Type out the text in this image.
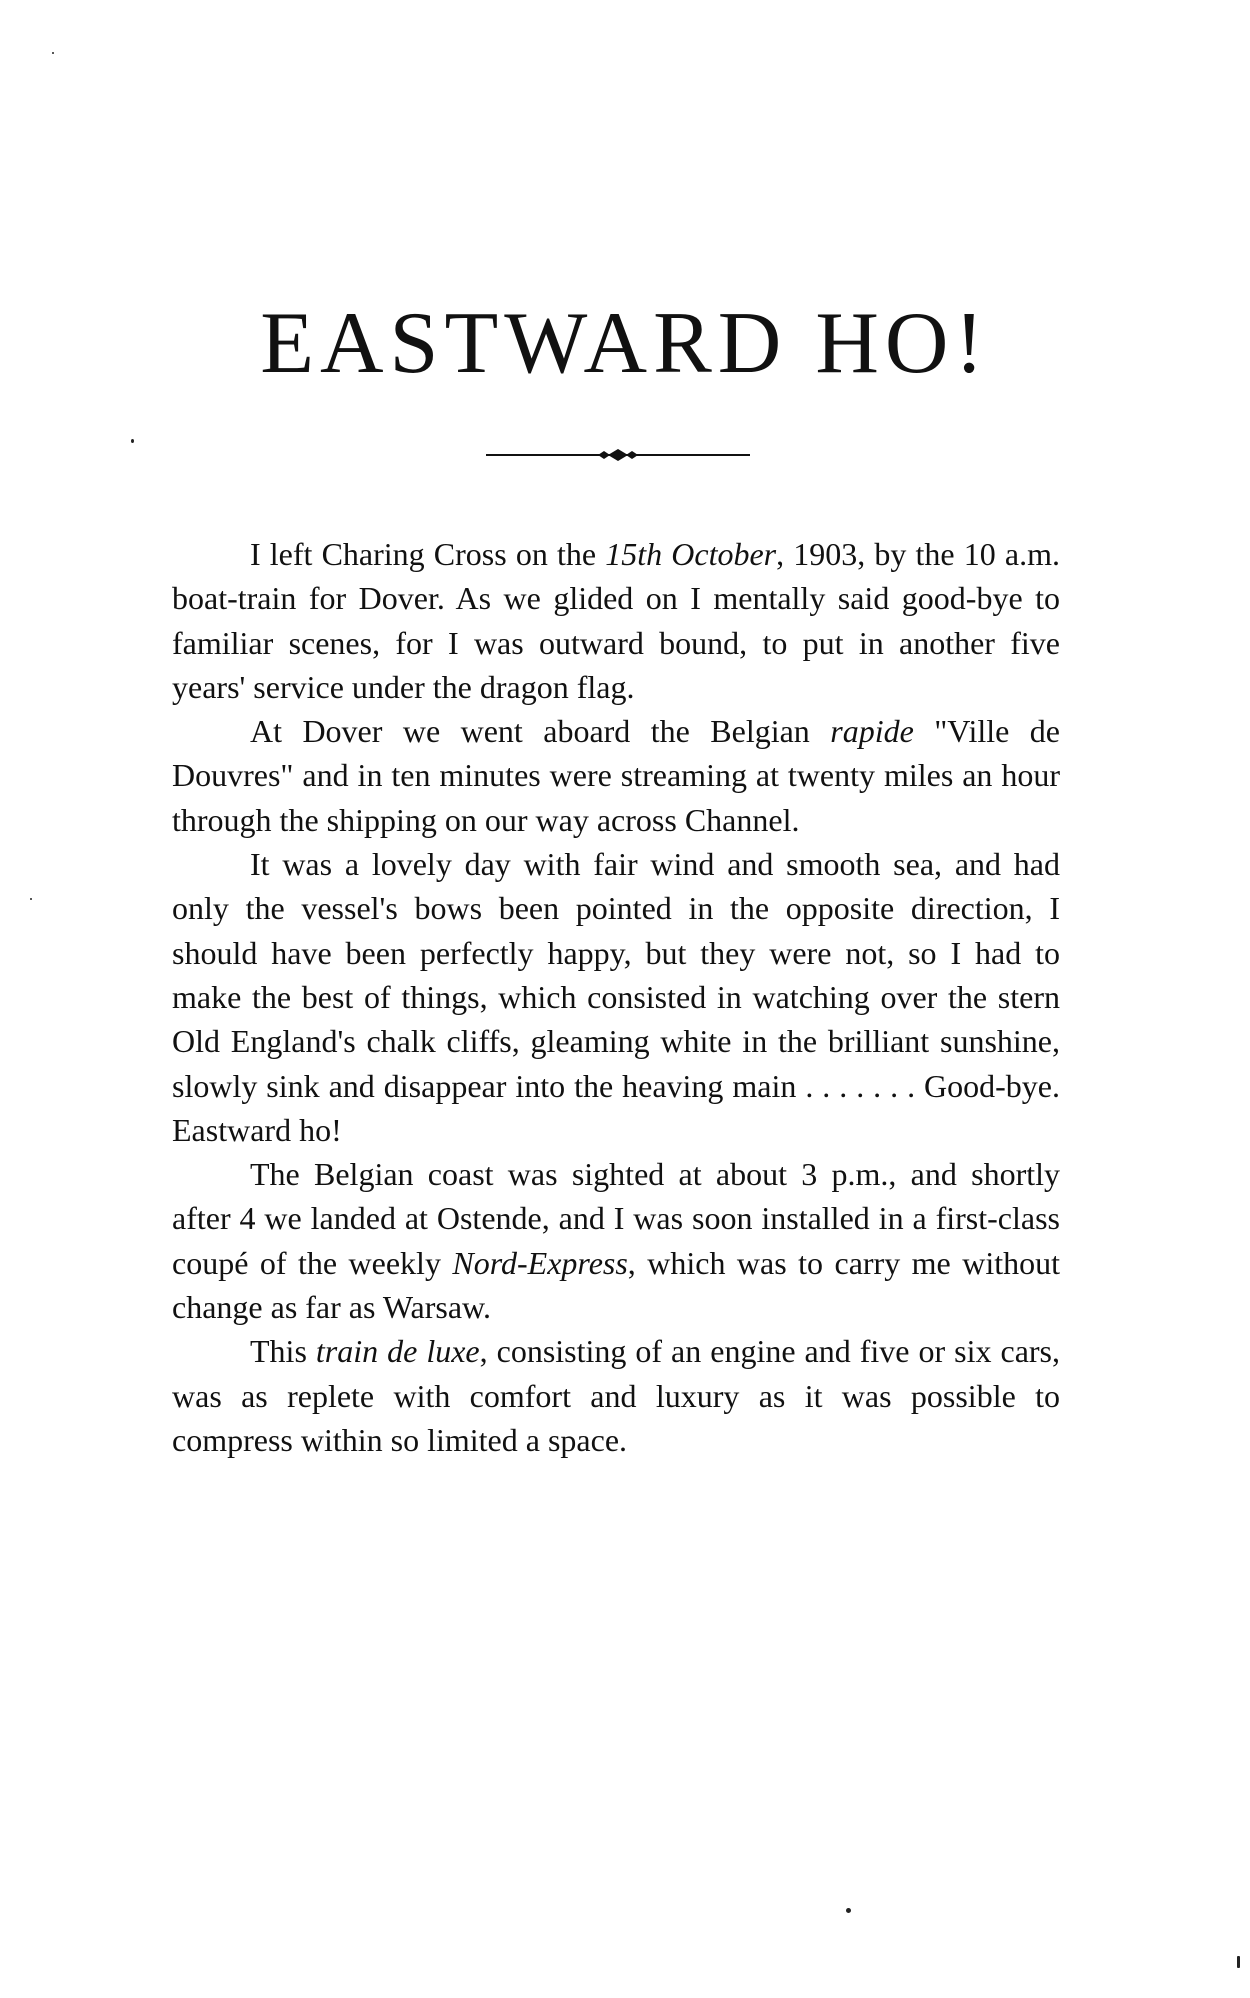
EASTWARD HO!

I left Charing Cross on the 15th October, 1903, by the 10 a.m. boat-train for Dover. As we glided on I mentally said good-bye to familiar scenes, for I was outward bound, to put in another five years' service under the dragon flag.

At Dover we went aboard the Belgian rapide "Ville de Douvres" and in ten minutes were streaming at twenty miles an hour through the shipping on our way across Channel.

It was a lovely day with fair wind and smooth sea, and had only the vessel's bows been pointed in the opposite direction, I should have been perfectly happy, but they were not, so I had to make the best of things, which consisted in watching over the stern Old England's chalk cliffs, gleaming white in the brilliant sunshine, slowly sink and disappear into the heaving main . . . . . . . Good-bye. Eastward ho!

The Belgian coast was sighted at about 3 p.m., and shortly after 4 we landed at Ostende, and I was soon installed in a first-class coupé of the weekly Nord-Express, which was to carry me without change as far as Warsaw.

This train de luxe, consisting of an engine and five or six cars, was as replete with comfort and luxury as it was possible to compress within so limited a space.
